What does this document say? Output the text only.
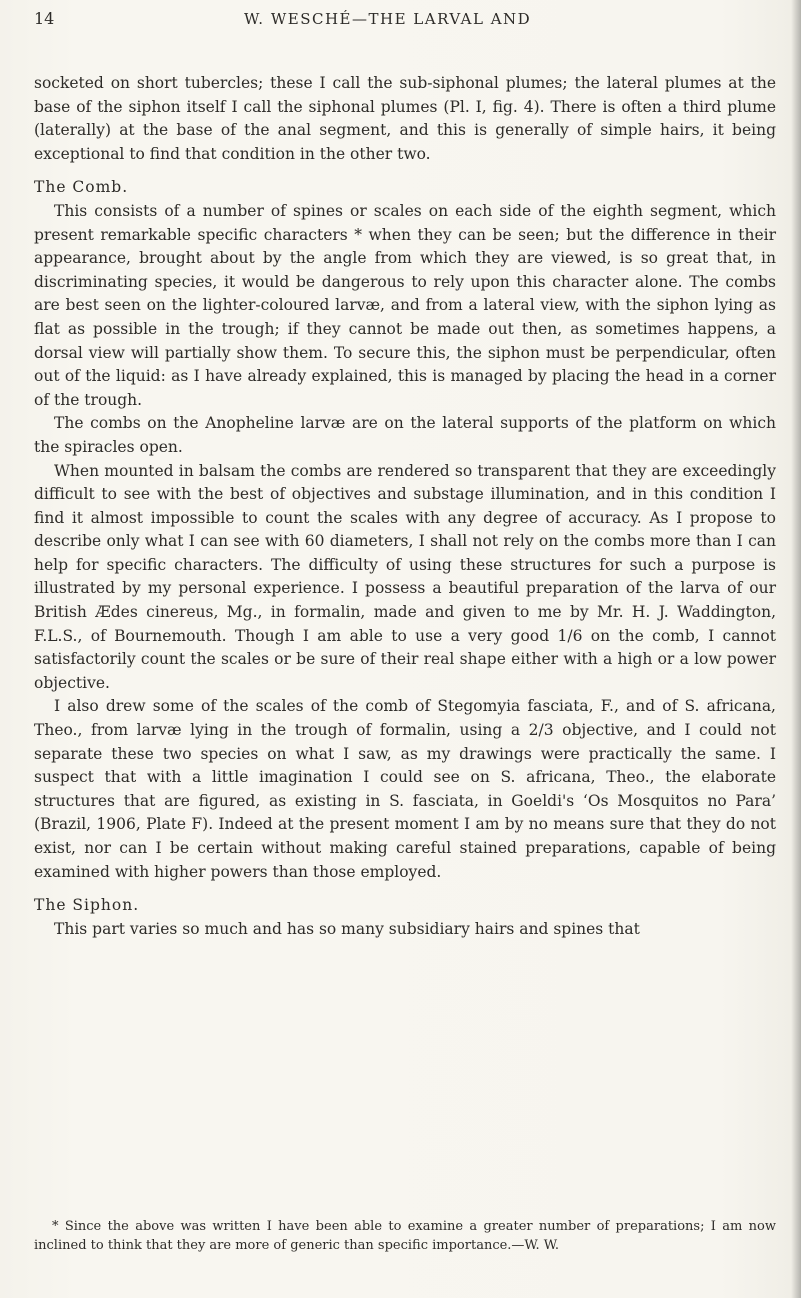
14	W. WESCHÉ—THE LARVAL AND

socketed on short tubercles; these I call the sub-siphonal plumes; the lateral plumes at the base of the siphon itself I call the siphonal plumes (Pl. I, fig. 4). There is often a third plume (laterally) at the base of the anal segment, and this is generally of simple hairs, it being exceptional to find that condition in the other two.

The Comb.

This consists of a number of spines or scales on each side of the eighth segment, which present remarkable specific characters * when they can be seen; but the difference in their appearance, brought about by the angle from which they are viewed, is so great that, in discriminating species, it would be dangerous to rely upon this character alone. The combs are best seen on the lighter-coloured larvæ, and from a lateral view, with the siphon lying as flat as possible in the trough; if they cannot be made out then, as sometimes happens, a dorsal view will partially show them. To secure this, the siphon must be perpendicular, often out of the liquid: as I have already explained, this is managed by placing the head in a corner of the trough.

The combs on the Anopheline larvæ are on the lateral supports of the platform on which the spiracles open.

When mounted in balsam the combs are rendered so transparent that they are exceedingly difficult to see with the best of objectives and substage illumination, and in this condition I find it almost impossible to count the scales with any degree of accuracy. As I propose to describe only what I can see with 60 diameters, I shall not rely on the combs more than I can help for specific characters. The difficulty of using these structures for such a purpose is illustrated by my personal experience. I possess a beautiful preparation of the larva of our British Ædes cinereus, Mg., in formalin, made and given to me by Mr. H. J. Waddington, F.L.S., of Bournemouth. Though I am able to use a very good 1/6 on the comb, I cannot satisfactorily count the scales or be sure of their real shape either with a high or a low power objective.

I also drew some of the scales of the comb of Stegomyia fasciata, F., and of S. africana, Theo., from larvæ lying in the trough of formalin, using a 2/3 objective, and I could not separate these two species on what I saw, as my drawings were practically the same. I suspect that with a little imagination I could see on S. africana, Theo., the elaborate structures that are figured, as existing in S. fasciata, in Goeldi's ‘Os Mosquitos no Para’ (Brazil, 1906, Plate F). Indeed at the present moment I am by no means sure that they do not exist, nor can I be certain without making careful stained preparations, capable of being examined with higher powers than those employed.

The Siphon.

This part varies so much and has so many subsidiary hairs and spines that

* Since the above was written I have been able to examine a greater number of preparations; I am now inclined to think that they are more of generic than specific importance.—W. W.
